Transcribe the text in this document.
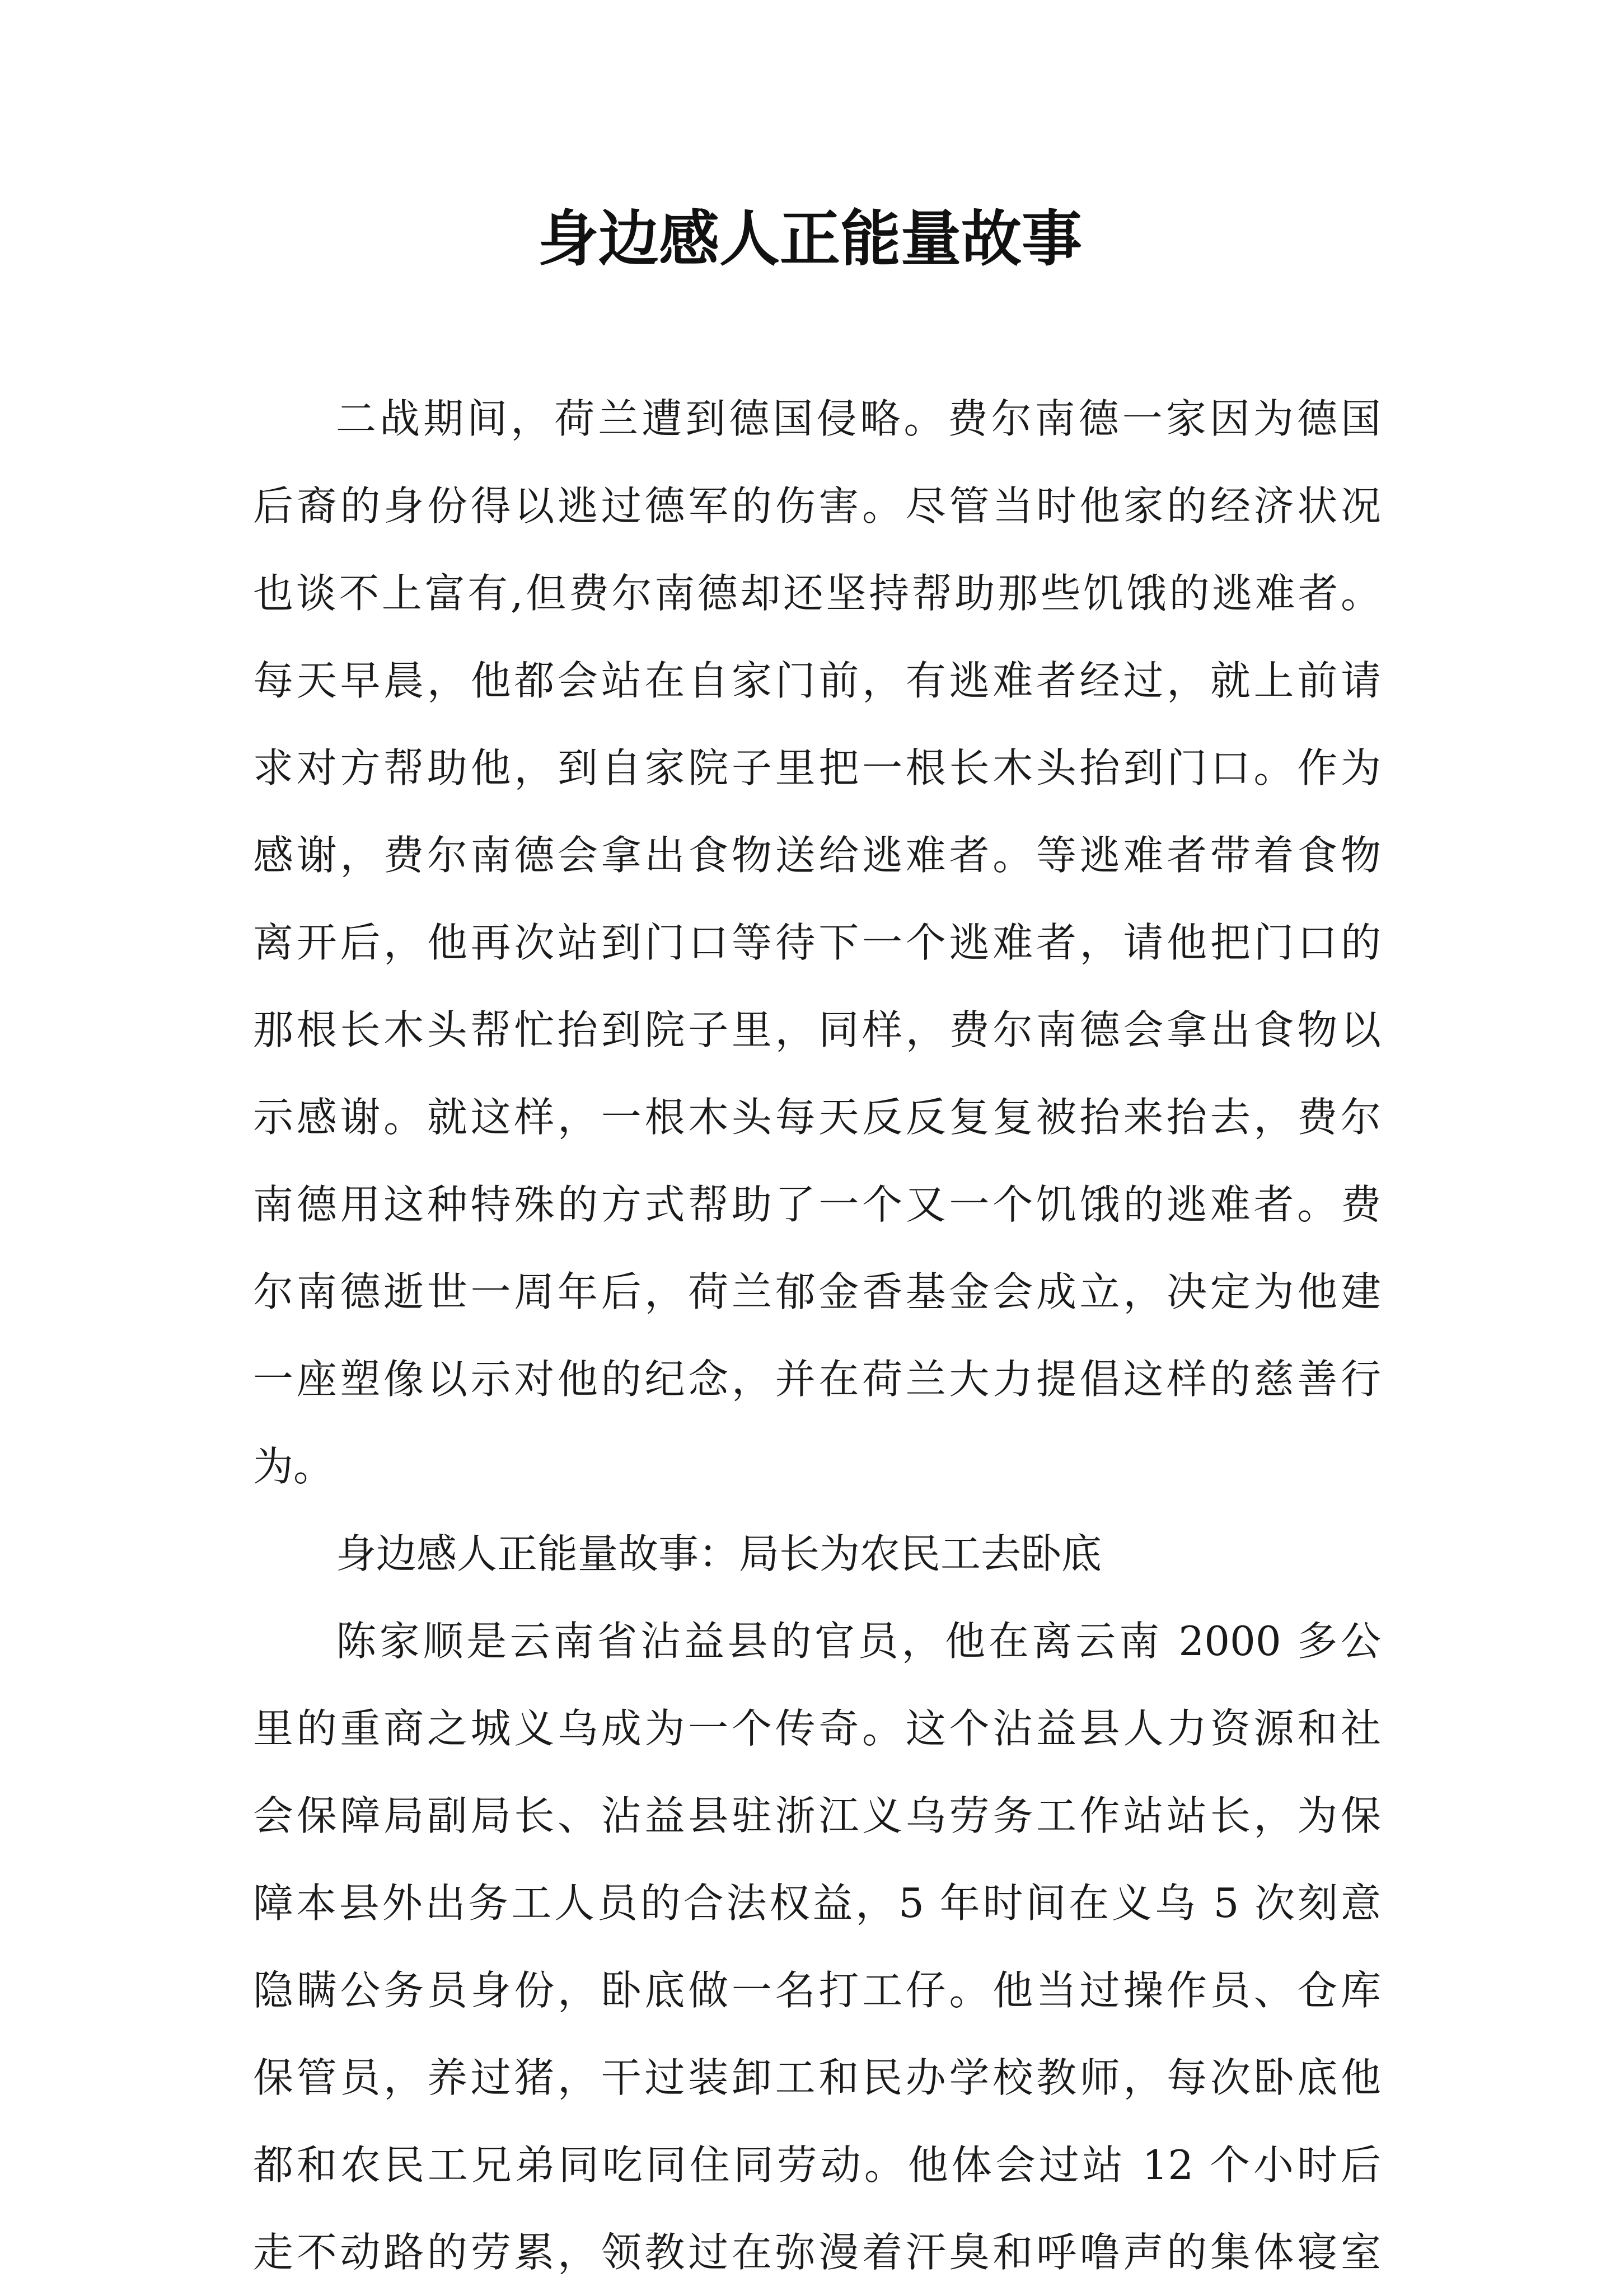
身边感人正能量故事
二战期间，荷兰遭到德国侵略。费尔南德一家因为德国
后裔的身份得以逃过德军的伤害。尽管当时他家的经济状况
也谈不上富有,但费尔南德却还坚持帮助那些饥饿的逃难者。
每天早晨，他都会站在自家门前，有逃难者经过，就上前请
求对方帮助他，到自家院子里把一根长木头抬到门口。作为
感谢，费尔南德会拿出食物送给逃难者。等逃难者带着食物
离开后，他再次站到门口等待下一个逃难者，请他把门口的
那根长木头帮忙抬到院子里，同样，费尔南德会拿出食物以
示感谢。就这样，一根木头每天反反复复被抬来抬去，费尔
南德用这种特殊的方式帮助了一个又一个饥饿的逃难者。费
尔南德逝世一周年后，荷兰郁金香基金会成立，决定为他建
一座塑像以示对他的纪念，并在荷兰大力提倡这样的慈善行
为。
身边感人正能量故事：局长为农民工去卧底
陈家顺是云南省沾益县的官员，他在离云南 2000 多公
里的重商之城义乌成为一个传奇。这个沾益县人力资源和社
会保障局副局长、沾益县驻浙江义乌劳务工作站站长，为保
障本县外出务工人员的合法权益，5 年时间在义乌 5 次刻意
隐瞒公务员身份，卧底做一名打工仔。他当过操作员、仓库
保管员，养过猪，干过装卸工和民办学校教师，每次卧底他
都和农民工兄弟同吃同住同劳动。他体会过站 12 个小时后
走不动路的劳累，领教过在弥漫着汗臭和呼噜声的集体寝室
